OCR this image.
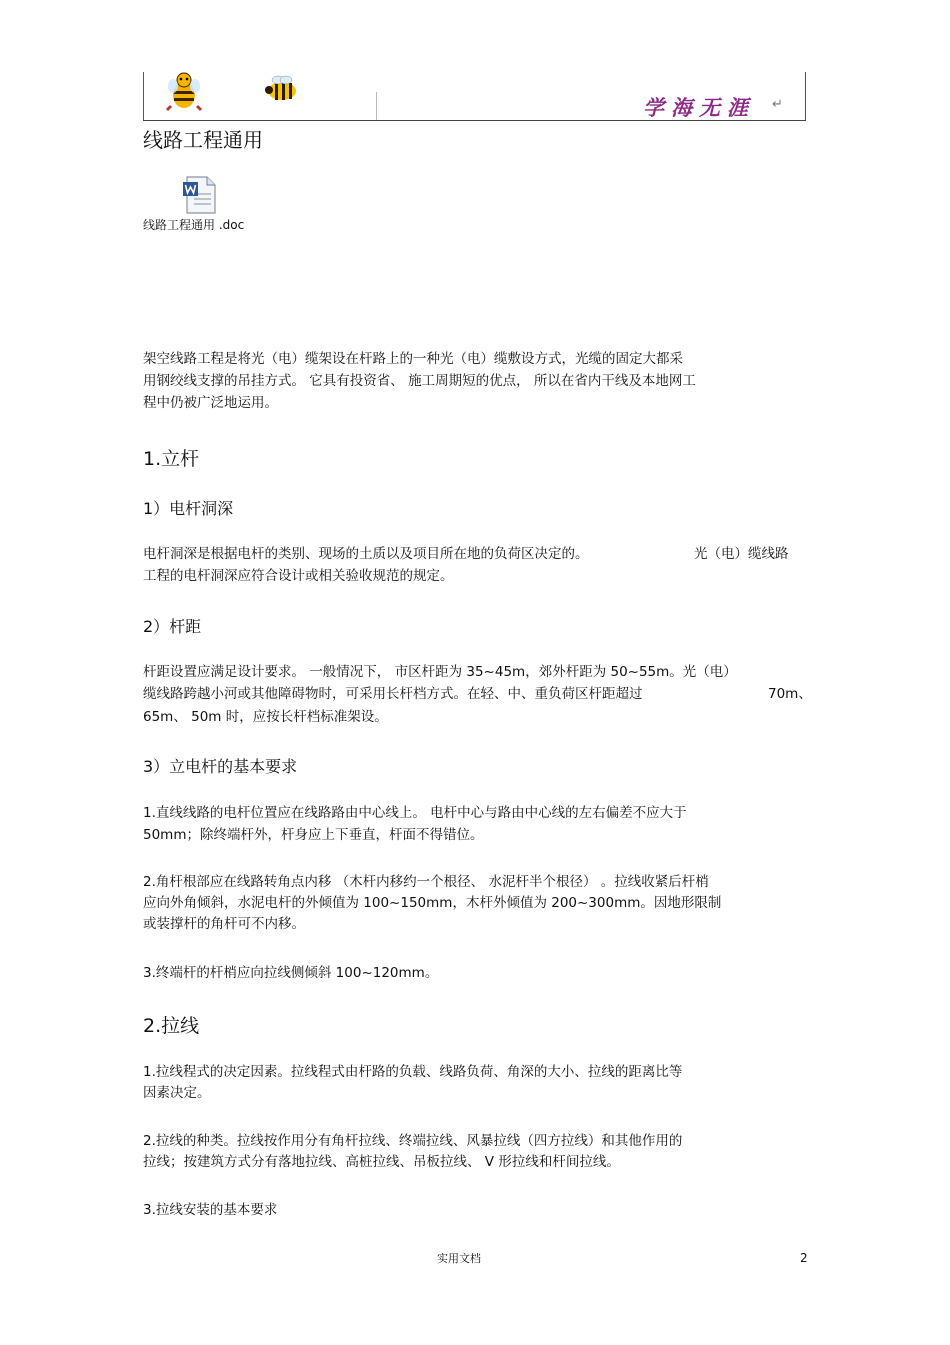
学海无涯 ↵
线路工程通用
线路工程通用 .doc
架空线路工程是将光（电）缆架设在杆路上的一种光（电）缆敷设方式，光缆的固定大都采
用钢绞线支撑的吊挂方式。 它具有投资省、 施工周期短的优点， 所以在省内干线及本地网工
程中仍被广泛地运用。
1.立杆
1）电杆洞深
电杆洞深是根据电杆的类别、现场的土质以及项目所在地的负荷区决定的。	光（电）缆线路
工程的电杆洞深应符合设计或相关验收规范的规定。
2）杆距
杆距设置应满足设计要求。 一般情况下， 市区杆距为 35~45m，郊外杆距为 50~55m。光（电）
缆线路跨越小河或其他障碍物时，可采用长杆档方式。在轻、中、重负荷区杆距超过	70m、
65m、 50m 时，应按长杆档标准架设。
3）立电杆的基本要求
1.直线线路的电杆位置应在线路路由中心线上。 电杆中心与路由中心线的左右偏差不应大于
50mm；除终端杆外，杆身应上下垂直，杆面不得错位。
2.角杆根部应在线路转角点内移 （木杆内移约一个根径、 水泥杆半个根径） 。拉线收紧后杆梢
应向外角倾斜，水泥电杆的外倾值为 100~150mm，木杆外倾值为 200~300mm。因地形限制
或装撑杆的角杆可不内移。
3.终端杆的杆梢应向拉线侧倾斜 100~120mm。
2.拉线
1.拉线程式的决定因素。拉线程式由杆路的负载、线路负荷、角深的大小、拉线的距离比等
因素决定。
2.拉线的种类。拉线按作用分有角杆拉线、终端拉线、风暴拉线（四方拉线）和其他作用的
拉线；按建筑方式分有落地拉线、高桩拉线、吊板拉线、 V 形拉线和杆间拉线。
3.拉线安装的基本要求
实用文档	2
